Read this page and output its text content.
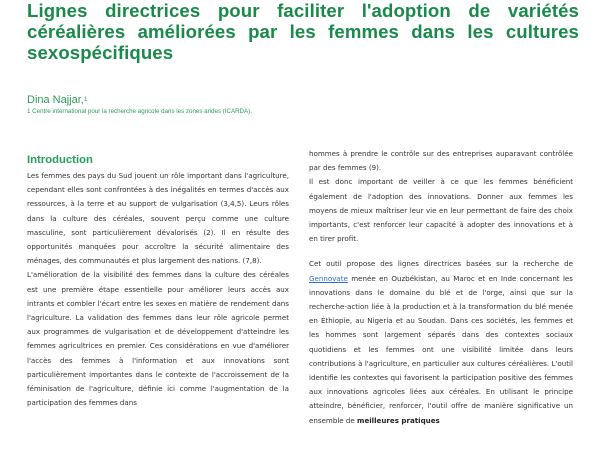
Lignes directrices pour faciliter l'adoption de variétés céréalières améliorées par les femmes dans les cultures sexospécifiques
Dina Najjar,$^1$
1 Centre international pour la recherche agricole dans les zones arides (ICARDA).
Introduction

Les femmes des pays du Sud jouent un rôle important dans l'agriculture, cependant elles sont confrontées à des inégalités en termes d'accès aux ressources, à la terre et au support de vulgarisation (3,4,5). Leurs rôles dans la culture des céréales, souvent perçu comme une culture masculine, sont particulièrement dévalorisés (2). Il en résulte des opportunités manquées pour accroître la sécurité alimentaire des ménages, des communautés et plus largement des nations. (7,8).

L'amélioration de la visibilité des femmes dans la culture des céréales est une première étape essentielle pour améliorer leurs accès aux intrants et combler l'écart entre les sexes en matière de rendement dans l'agriculture. La validation des femmes dans leur rôle agricole permet aux programmes de vulgarisation et de développement d'atteindre les femmes agricultrices en premier. Ces considérations en vue d'améliorer l'accès des femmes à l'information et aux innovations sont particulièrement importantes dans le contexte de l'accroissement de la féminisation de l'agriculture, définie ici comme l'augmentation de la participation des femmes dans

hommes à prendre le contrôle sur des entreprises auparavant contrôlée par des femmes (9).

Il est donc important de veiller à ce que les femmes bénéficient également de l'adoption des innovations. Donner aux femmes les moyens de mieux maîtriser leur vie en leur permettant de faire des choix importants, c'est renforcer leur capacité à adopter des innovations et à en tirer profit.

Cet outil propose des lignes directrices basées sur la recherche de Gennovate menée en Ouzbékistan, au Maroc et en Inde concernant les innovations dans le domaine du blé et de l'orge, ainsi que sur la recherche-action liée à la production et à la transformation du blé menée en Éthiopie, au Nigeria et au Soudan. Dans ces sociétés, les femmes et les hommes sont largement séparés dans des contextes sociaux quotidiens et les femmes ont une visibilité limitée dans leurs contributions à l'agriculture, en particulier aux cultures céréalières. L'outil identifie les contextes qui favorisent la participation positive des femmes aux innovations agricoles liées aux céréales. En utilisant le principe atteindre, bénéficier, renforcer, l'outil offre de manière significative un ensemble de meilleures pratiques
